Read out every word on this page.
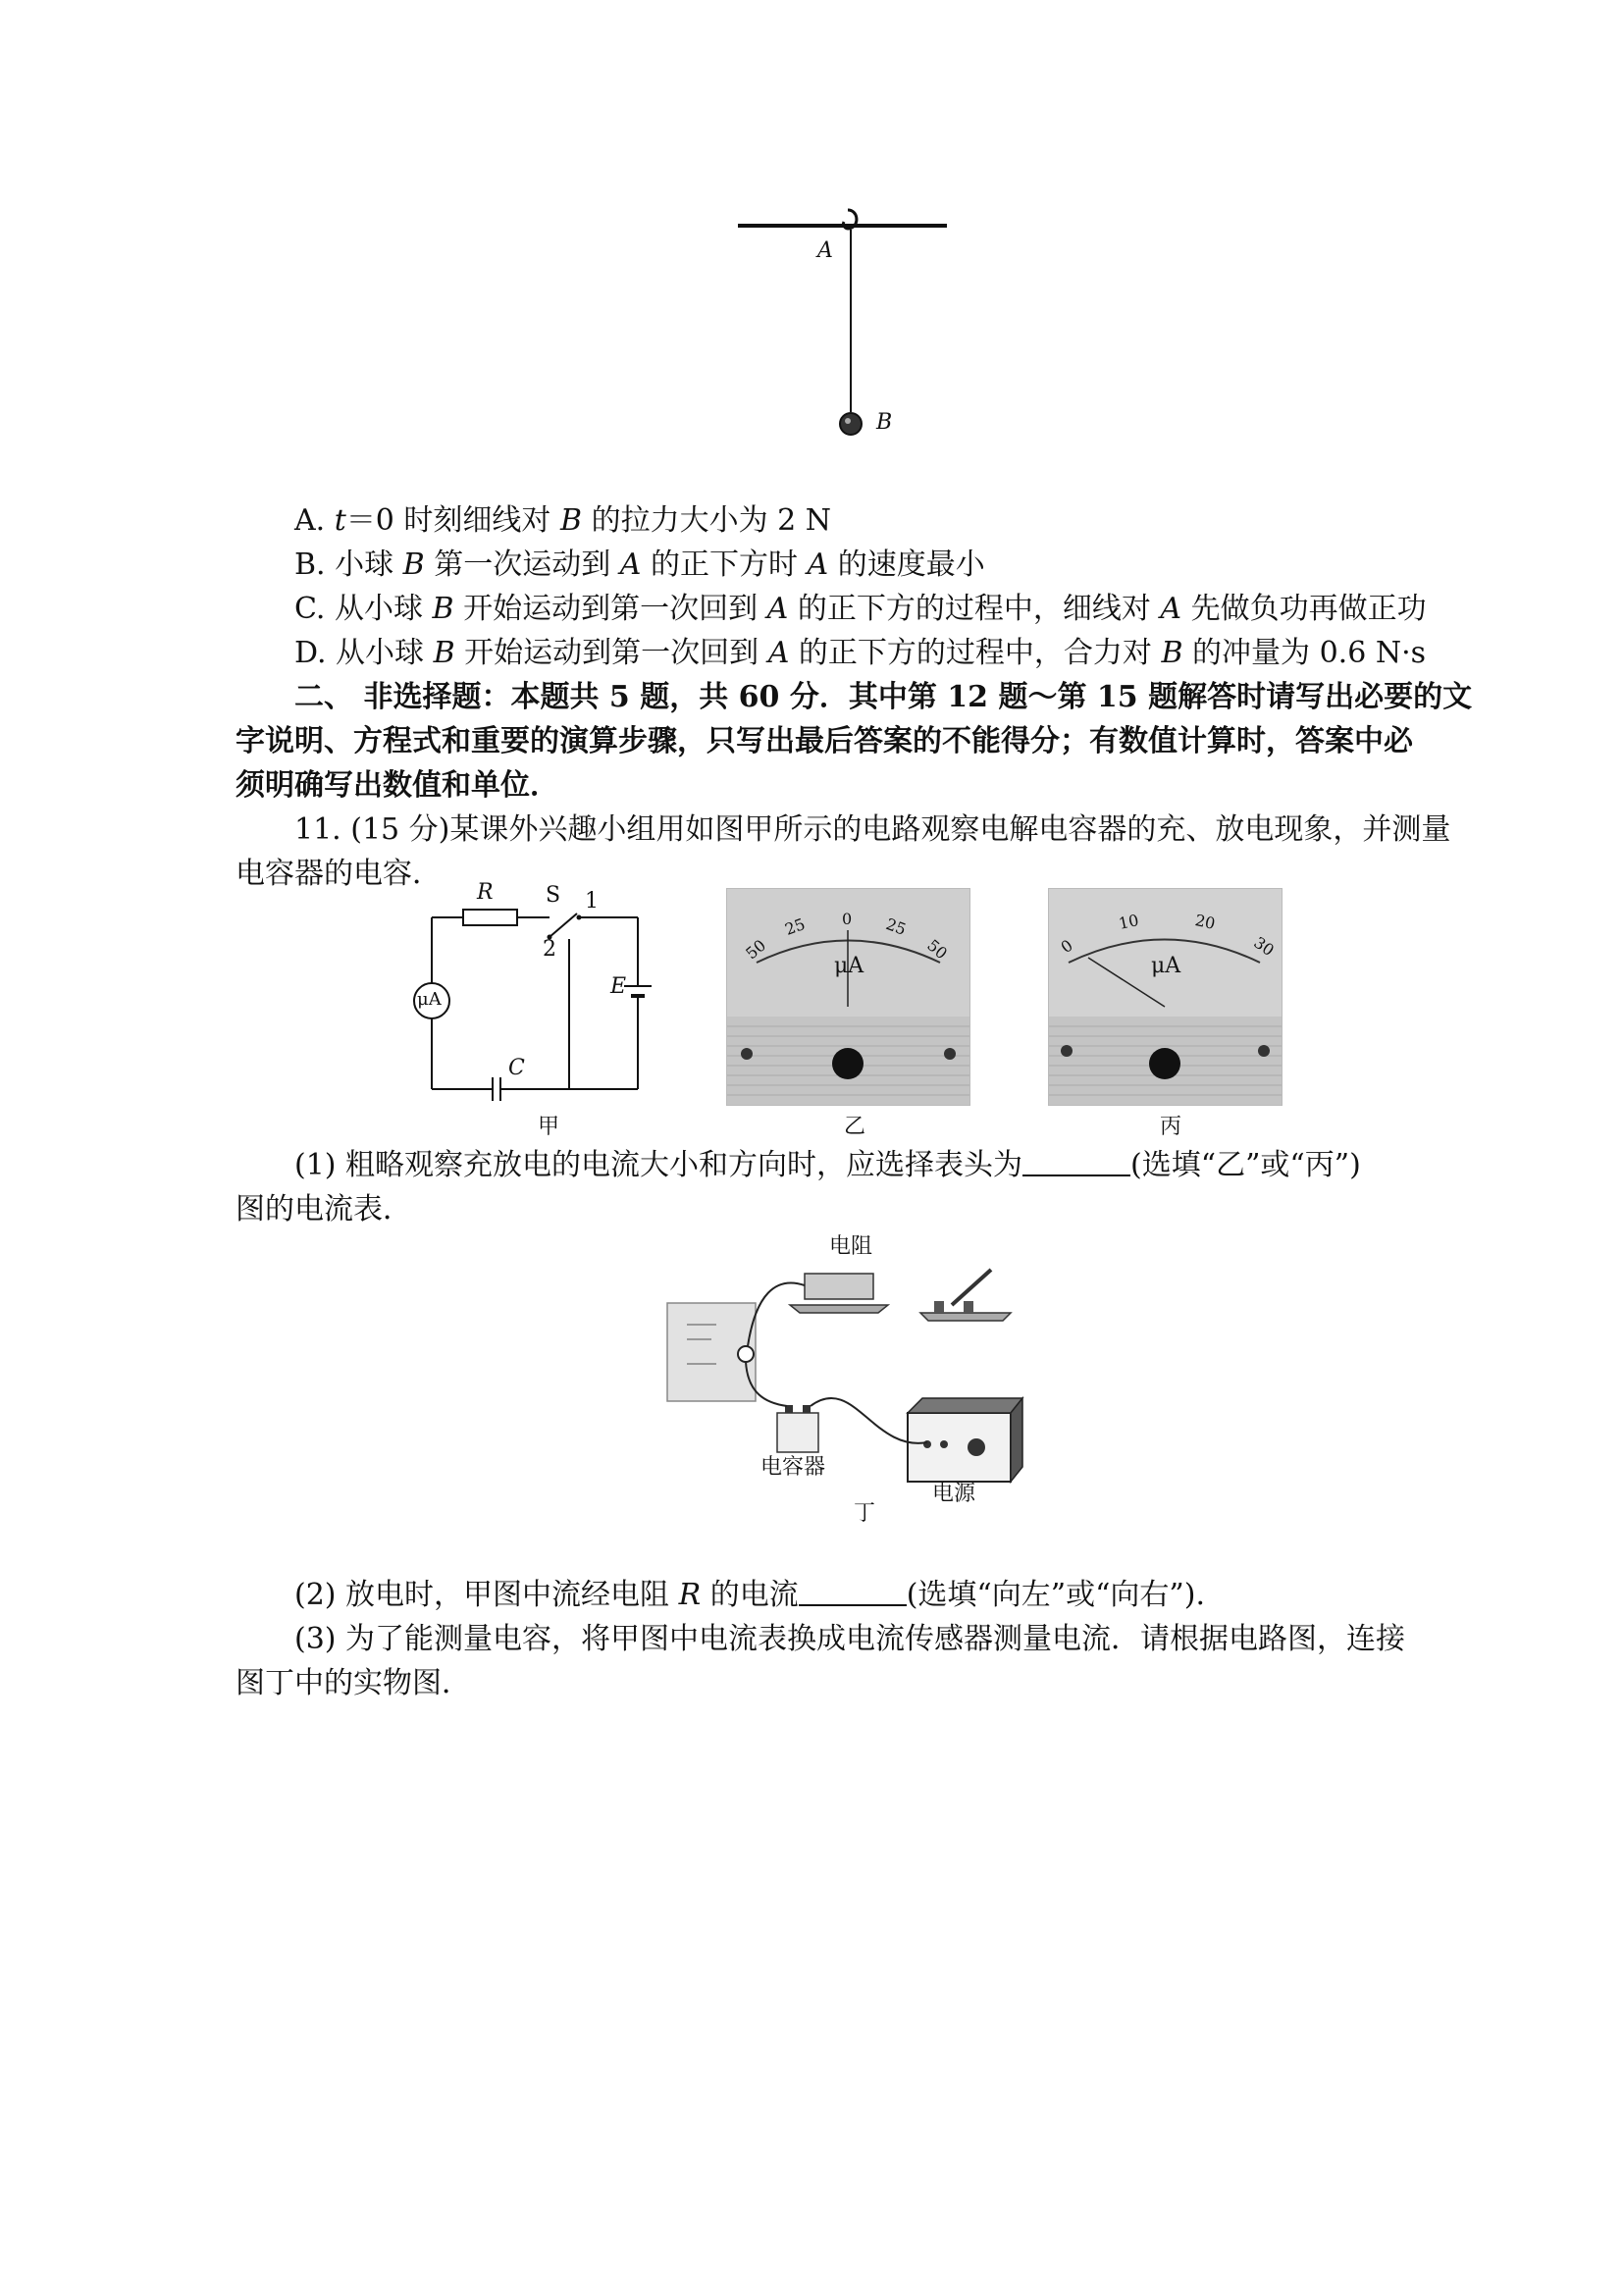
A
B
A. t＝0 时刻细线对 B 的拉力大小为 2 N
B. 小球 B 第一次运动到 A 的正下方时 A 的速度最小
C. 从小球 B 开始运动到第一次回到 A 的正下方的过程中，细线对 A 先做负功再做正功
D. 从小球 B 开始运动到第一次回到 A 的正下方的过程中，合力对 B 的冲量为 0.6 N·s
二、 非选择题：本题共 5 题，共 60 分．其中第 12 题～第 15 题解答时请写出必要的文
字说明、方程式和重要的演算步骤，只写出最后答案的不能得分；有数值计算时，答案中必
须明确写出数值和单位．
11. (15 分)某课外兴趣小组用如图甲所示的电路观察电解电容器的充、放电现象，并测量
电容器的电容．
R S 1
2
E
C
μA
50
25 0 25
50
μA
0
10	20
30
μA
甲	乙	丙
(1) 粗略观察充放电的电流大小和方向时，应选择表头为	(选填“乙”或“丙”)
图的电流表．
电阻
电容器
电源
丁
(2) 放电时，甲图中流经电阻 R 的电流	(选填“向左”或“向右”).
(3) 为了能测量电容，将甲图中电流表换成电流传感器测量电流．请根据电路图，连接
图丁中的实物图．
